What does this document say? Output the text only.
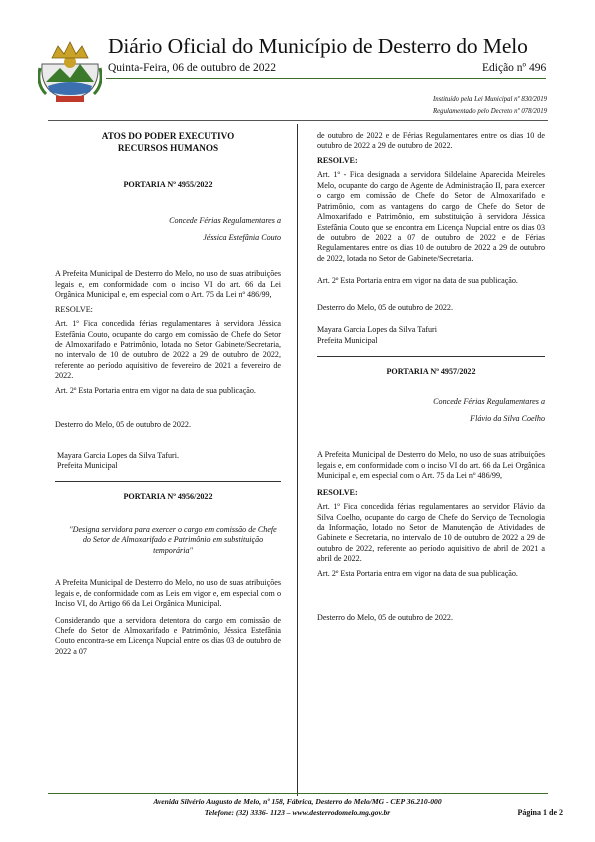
Diário Oficial do Município de Desterro do Melo
Quinta-Feira, 06 de outubro de 2022	Edição nº 496
Instituído pela Lei Municipal nº 830/2019
Regulamentado pelo Decreto nº 078/2019

ATOS DO PODER EXECUTIVO

RECURSOS HUMANOS

PORTARIA Nº 4955/2022

Concede Férias Regulamentares a

Jéssica Estefânia Couto

A Prefeita Municipal de Desterro do Melo, no uso de suas atribuições legais e, em conformidade com o inciso VI do art. 66 da Lei Orgânica Municipal e, em especial com o Art. 75 da Lei nº 486/99,

RESOLVE:

Art. 1º Fica concedida férias regulamentares à servidora Jéssica Estefânia Couto, ocupante do cargo em comissão de Chefe do Setor de Almoxarifado e Patrimônio, lotada no Setor Gabinete/Secretaria, no intervalo de 10 de outubro de 2022 a 29 de outubro de 2022, referente ao período aquisitivo de fevereiro de 2021 a fevereiro de 2022.

Art. 2º Esta Portaria entra em vigor na data de sua publicação.

Desterro do Melo, 05 de outubro de 2022.

Mayara Garcia Lopes da Silva Tafuri.

Prefeita Municipal

PORTARIA Nº 4956/2022

"Designa servidora para exercer o cargo em comissão de Chefe do Setor de Almoxarifado e Patrimônio em substituição temporária"

A Prefeita Municipal de Desterro do Melo, no uso de suas atribuições legais e, de conformidade com as Leis em vigor e, em especial com o Inciso VI, do Artigo 66 da Lei Orgânica Municipal.

Considerando que a servidora detentora do cargo em comissão de Chefe do Setor de Almoxarifado e Patrimônio, Jéssica Estefânia Couto encontra-se em Licença Nupcial entre os dias 03 de outubro de 2022 a 07

de outubro de 2022 e de Férias Regulamentares entre os dias 10 de outubro de 2022 a 29 de outubro de 2022.

RESOLVE:

Art. 1º - Fica designada a servidora Sildelaine Aparecida Meireles Melo, ocupante do cargo de Agente de Administração II, para exercer o cargo em comissão de Chefe do Setor de Almoxarifado e Patrimônio, com as vantagens do cargo de Chefe do Setor de Almoxarifado e Patrimônio, em substituição à servidora Jéssica Estefânia Couto que se encontra em Licença Nupcial entre os dias 03 de outubro de 2022 a 07 de outubro de 2022 e de Férias Regulamentares entre os dias 10 de outubro de 2022 a 29 de outubro de 2022, lotada no Setor de Gabinete/Secretaria.

Art. 2º Esta Portaria entra em vigor na data de sua publicação.

Desterro do Melo, 05 de outubro de 2022.

Mayara Garcia Lopes da Silva Tafuri

Prefeita Municipal

PORTARIA Nº 4957/2022

Concede Férias Regulamentares a

Flávio da Silva Coelho

A Prefeita Municipal de Desterro do Melo, no uso de suas atribuições legais e, em conformidade com o inciso VI do art. 66 da Lei Orgânica Municipal e, em especial com o Art. 75 da Lei nº 486/99,

RESOLVE:

Art. 1º Fica concedida férias regulamentares ao servidor Flávio da Silva Coelho, ocupante do cargo de Chefe do Serviço de Tecnologia da Informação, lotado no Setor de Manutenção de Atividades de Gabinete e Secretaria, no intervalo de 10 de outubro de 2022 a 29 de outubro de 2022, referente ao período aquisitivo de abril de 2021 a abril de 2022.

Art. 2º Esta Portaria entra em vigor na data de sua publicação.

Desterro do Melo, 05 de outubro de 2022.

Avenida Silvério Augusto de Melo, nº 158, Fábrica, Desterro do Melo/MG - CEP 36.210-000
Telefone: (32) 3336- 1123 – www.desterrodomelo.mg.gov.br	Página 1 de 2
